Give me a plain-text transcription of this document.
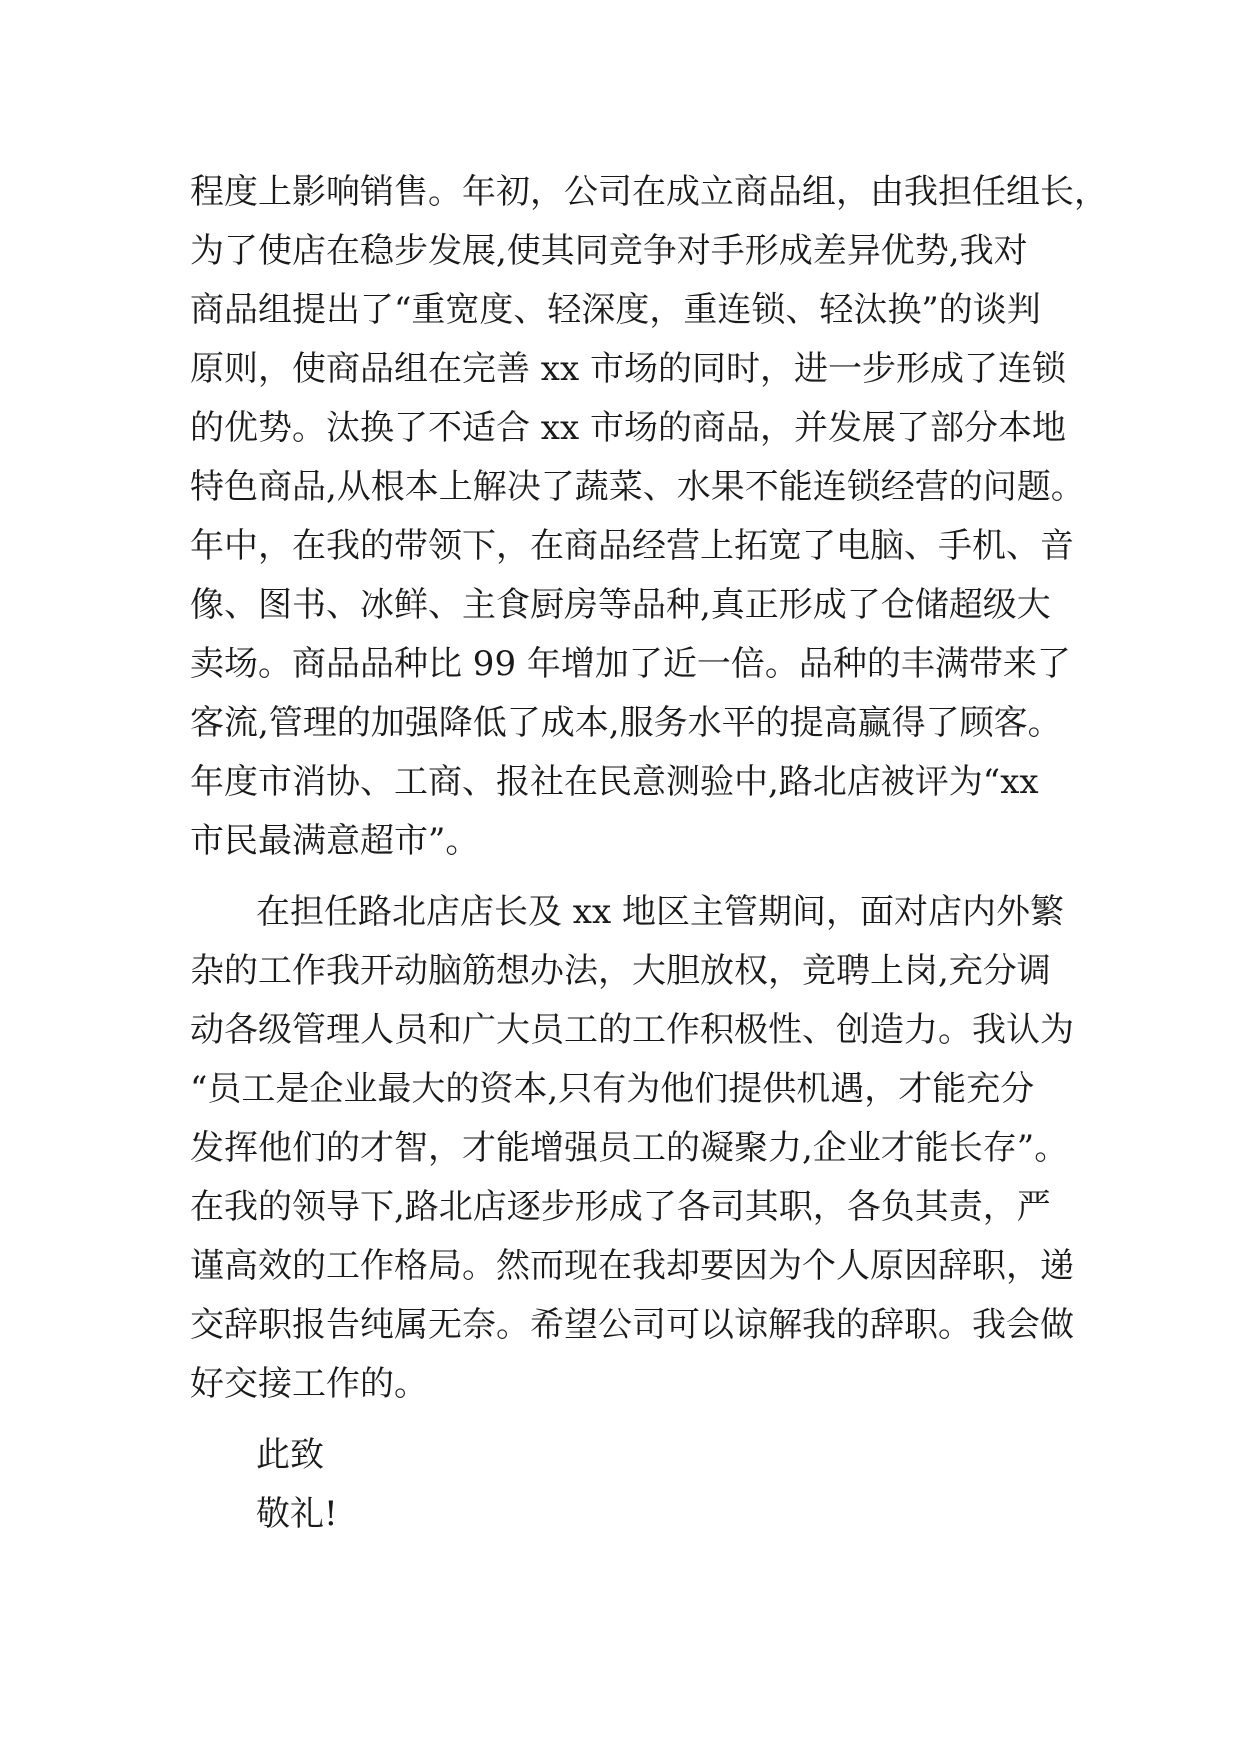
程度上影响销售。年初，公司在成立商品组，由我担任组长，
为了使店在稳步发展,使其同竞争对手形成差异优势,我对
商品组提出了“重宽度、轻深度，重连锁、轻汰换”的谈判
原则，使商品组在完善 xx 市场的同时，进一步形成了连锁
的优势。汰换了不适合 xx 市场的商品，并发展了部分本地
特色商品,从根本上解决了蔬菜、水果不能连锁经营的问题。
年中，在我的带领下，在商品经营上拓宽了电脑、手机、音
像、图书、冰鲜、主食厨房等品种,真正形成了仓储超级大
卖场。商品品种比 99 年增加了近一倍。品种的丰满带来了
客流,管理的加强降低了成本,服务水平的提高赢得了顾客。
年度市消协、工商、报社在民意测验中,路北店被评为“xx
市民最满意超市”。
在担任路北店店长及 xx 地区主管期间，面对店内外繁
杂的工作我开动脑筋想办法，大胆放权，竞聘上岗,充分调
动各级管理人员和广大员工的工作积极性、创造力。我认为
“员工是企业最大的资本,只有为他们提供机遇，才能充分
发挥他们的才智，才能增强员工的凝聚力,企业才能长存”。
在我的领导下,路北店逐步形成了各司其职，各负其责，严
谨高效的工作格局。然而现在我却要因为个人原因辞职，递
交辞职报告纯属无奈。希望公司可以谅解我的辞职。我会做
好交接工作的。
此致
敬礼!
